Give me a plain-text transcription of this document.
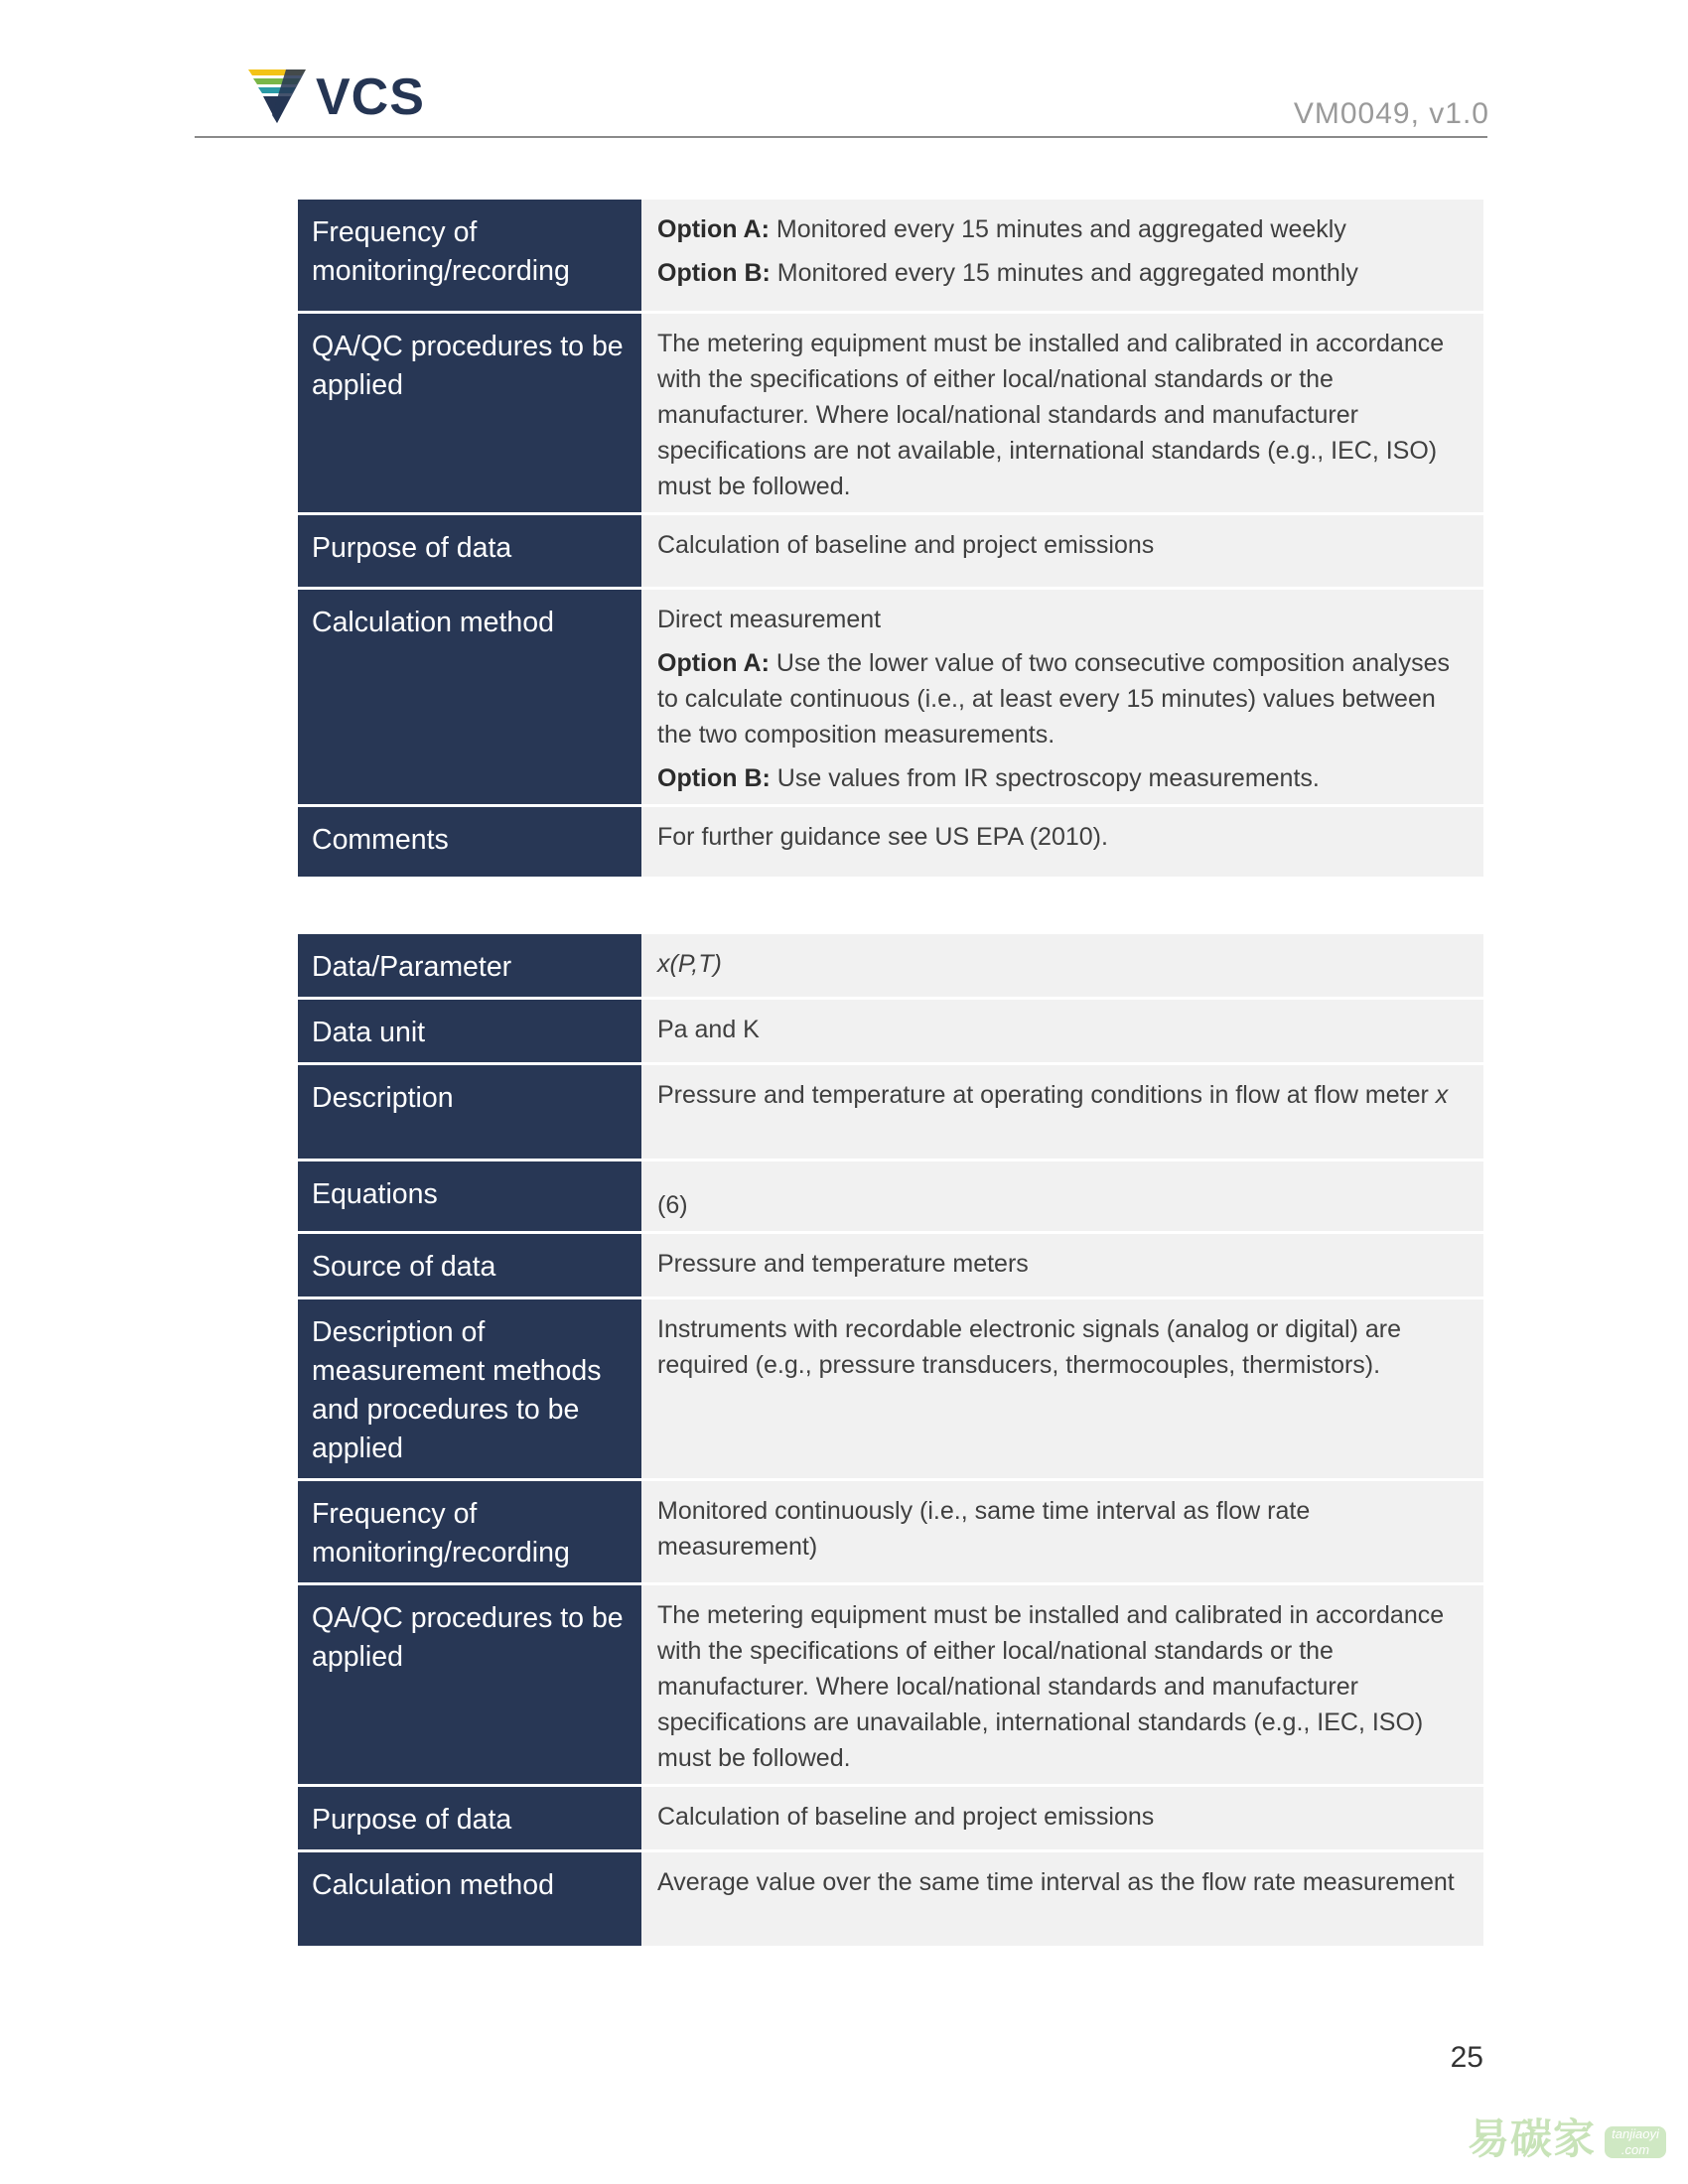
VCS	VM0049, v1.0
Frequency of monitoring/recording	Option A: Monitored every 15 minutes and aggregated weekly

Option B: Monitored every 15 minutes and aggregated monthly

QA/QC procedures to be applied	The metering equipment must be installed and calibrated in accordance with the specifications of either local/national standards or the manufacturer. Where local/national standards and manufacturer specifications are not available, international standards (e.g., IEC, ISO) must be followed.

Purpose of data	Calculation of baseline and project emissions

Calculation method	Direct measurement

Option A: Use the lower value of two consecutive composition analyses to calculate continuous (i.e., at least every 15 minutes) values between the two composition measurements.

Option B: Use values from IR spectroscopy measurements.

Comments	For further guidance see US EPA (2010).

Data/Parameter	x(P,T)

Data unit	Pa and K

Description	Pressure and temperature at operating conditions in flow at flow meter x

Equations	(6)

Source of data	Pressure and temperature meters

Description of measurement methods and procedures to be applied	Instruments with recordable electronic signals (analog or digital) are required (e.g., pressure transducers, thermocouples, thermistors).

Frequency of monitoring/recording	Monitored continuously (i.e., same time interval as flow rate measurement)

QA/QC procedures to be applied	The metering equipment must be installed and calibrated in accordance with the specifications of either local/national standards or the manufacturer. Where local/national standards and manufacturer specifications are unavailable, international standards (e.g., IEC, ISO) must be followed.

Purpose of data	Calculation of baseline and project emissions

Calculation method	Average value over the same time interval as the flow rate measurement

25
易碳家	tanjiaoyi .com
